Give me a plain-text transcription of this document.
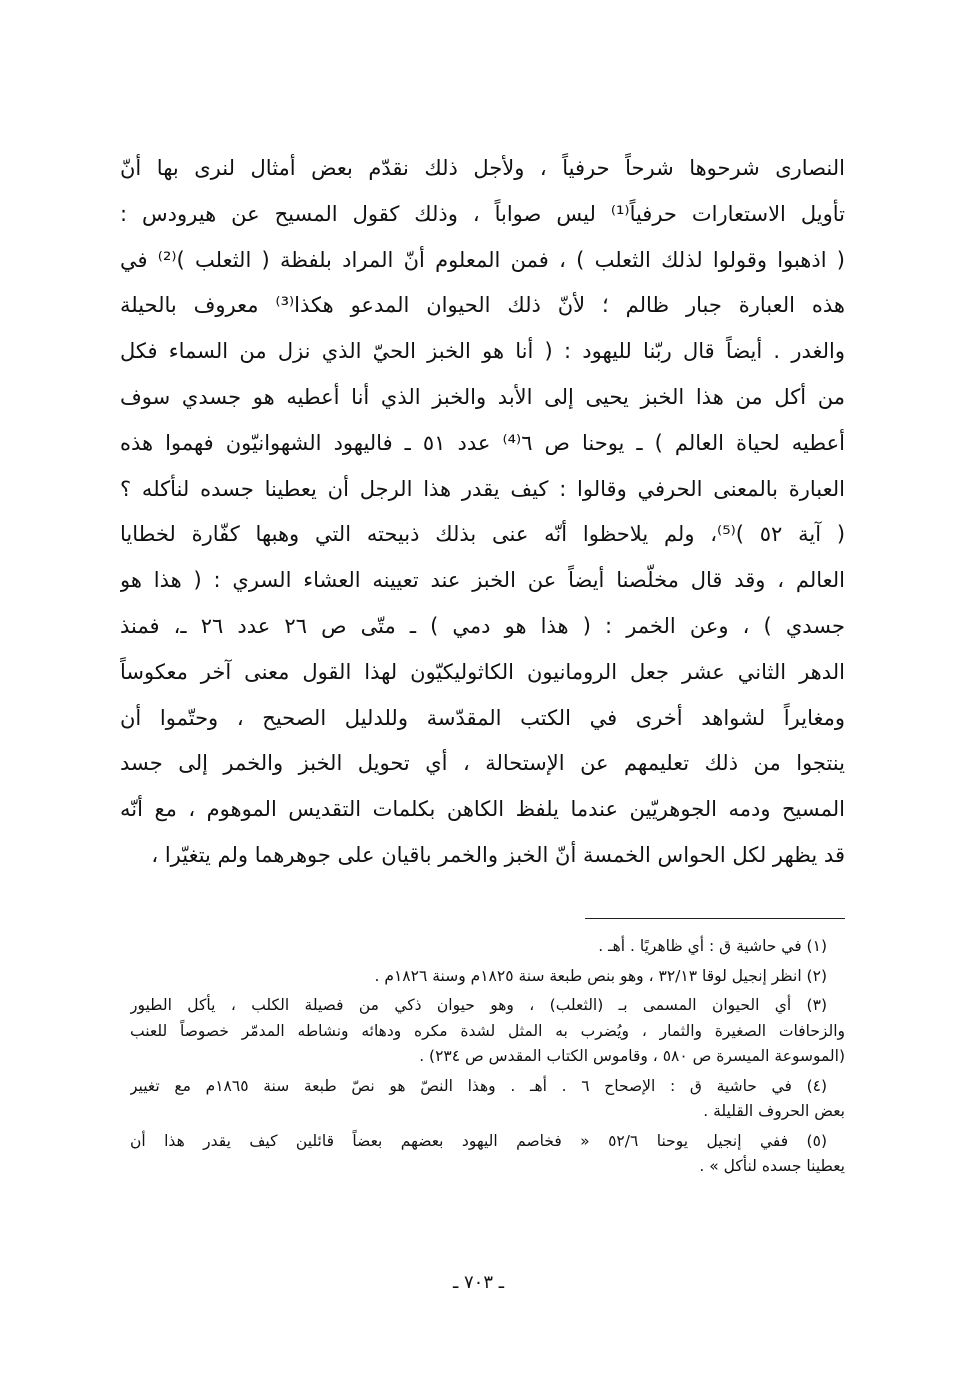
النصارى شرحوها شرحاً حرفياً ، ولأجل ذلك نقدّم بعض أمثال لنرى بها أنّ
تأويل الاستعارات حرفياً⁽¹⁾ ليس صواباً ، وذلك كقول المسيح عن هيرودس :
( اذهبوا وقولوا لذلك الثعلب ) ، فمن المعلوم أنّ المراد بلفظة ( الثعلب )⁽²⁾ في
هذه العبارة جبار ظالم ؛ لأنّ ذلك الحيوان المدعو هكذا⁽³⁾ معروف بالحيلة
والغدر . أيضاً قال ربّنا لليهود : ( أنا هو الخبز الحيّ الذي نزل من السماء فكل
من أكل من هذا الخبز يحيى إلى الأبد والخبز الذي أنا أعطيه هو جسدي سوف
أعطيه لحياة العالم ) ـ يوحنا ص ٦⁽⁴⁾ عدد ٥١ ـ فاليهود الشهوانيّون فهموا هذه
العبارة بالمعنى الحرفي وقالوا : كيف يقدر هذا الرجل أن يعطينا جسده لنأكله ؟
( آية ٥٢ )⁽⁵⁾، ولم يلاحظوا أنّه عنى بذلك ذبيحته التي وهبها كفّارة لخطايا
العالم ، وقد قال مخلّصنا أيضاً عن الخبز عند تعيينه العشاء السري : ( هذا هو
جسدي ) ، وعن الخمر : ( هذا هو دمي ) ـ متّى ص ٢٦ عدد ٢٦ ـ، فمنذ
الدهر الثاني عشر جعل الرومانيون الكاثوليكيّون لهذا القول معنى آخر معكوساً
ومغايراً لشواهد أخرى في الكتب المقدّسة وللدليل الصحيح ، وحتّموا أن
ينتجوا من ذلك تعليمهم عن الإستحالة ، أي تحويل الخبز والخمر إلى جسد
المسيح ودمه الجوهريّين عندما يلفظ الكاهن بكلمات التقديس الموهوم ، مع أنّه
قد يظهر لكل الحواس الخمسة أنّ الخبز والخمر باقيان على جوهرهما ولم يتغيّرا ،
(١) في حاشية ق : أي ظاهريًا . أهـ .
(٢) انظر إنجيل لوقا ٣٢/١٣ ، وهو بنص طبعة سنة ١٨٢٥م وسنة ١٨٢٦م .
(٣) أي الحيوان المسمى بـ (الثعلب) ، وهو حيوان ذكي من فصيلة الكلب ، يأكل الطيور
والزحافات الصغيرة والثمار ، ويُضرب به المثل لشدة مكره ودهائه ونشاطه المدمّر خصوصاً للعنب
(الموسوعة الميسرة ص ٥٨٠ ، وقاموس الكتاب المقدس ص ٢٣٤) .
(٤) في حاشية ق : الإصحاح ٦ . أهـ . وهذا النصّ هو نصّ طبعة سنة ١٨٦٥م مع تغيير
بعض الحروف القليلة .
(٥) ففي إنجيل يوحنا ٥٢/٦ « فخاصم اليهود بعضهم بعضاً قائلين كيف يقدر هذا أن
يعطينا جسده لنأكل » .
ـ ٧٠٣ ـ
